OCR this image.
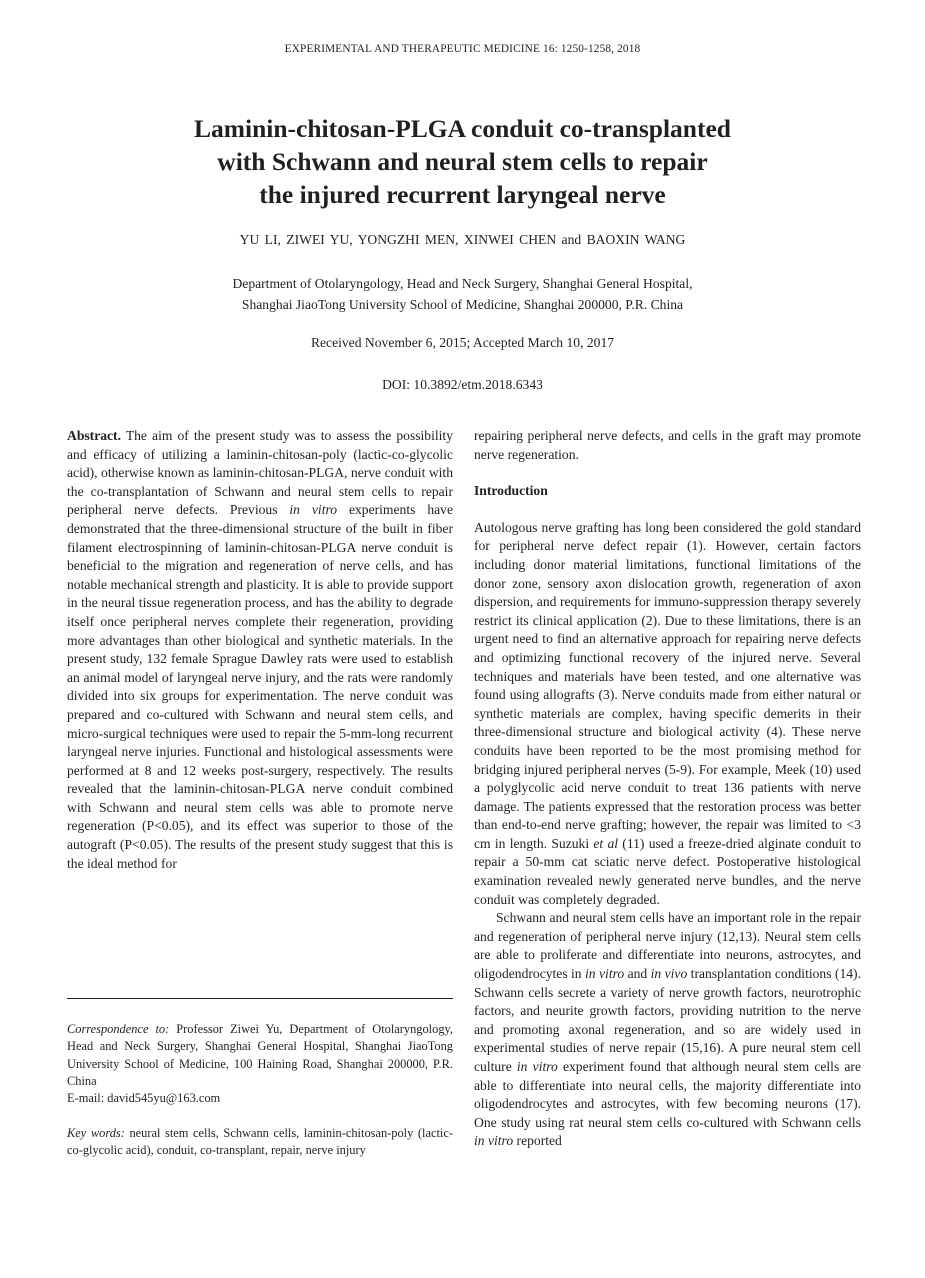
EXPERIMENTAL AND THERAPEUTIC MEDICINE 16: 1250-1258, 2018
Laminin-chitosan-PLGA conduit co-transplanted
with Schwann and neural stem cells to repair
the injured recurrent laryngeal nerve
YU LI, ZIWEI YU, YONGZHI MEN, XINWEI CHEN and BAOXIN WANG
Department of Otolaryngology, Head and Neck Surgery, Shanghai General Hospital,
Shanghai JiaoTong University School of Medicine, Shanghai 200000, P.R. China
Received November 6, 2015; Accepted March 10, 2017
DOI: 10.3892/etm.2018.6343

Abstract. The aim of the present study was to assess the possibility and efficacy of utilizing a laminin-chitosan-poly (lactic-co-glycolic acid), otherwise known as laminin-chitosan-PLGA, nerve conduit with the co-transplantation of Schwann and neural stem cells to repair peripheral nerve defects. Previous in vitro experiments have demonstrated that the three-dimensional structure of the built in fiber filament electrospinning of laminin-chitosan-PLGA nerve conduit is beneficial to the migration and regeneration of nerve cells, and has notable mechanical strength and plasticity. It is able to provide support in the neural tissue regeneration process, and has the ability to degrade itself once peripheral nerves complete their regeneration, providing more advantages than other biological and synthetic materials. In the present study, 132 female Sprague Dawley rats were used to establish an animal model of laryngeal nerve injury, and the rats were randomly divided into six groups for experimentation. The nerve conduit was prepared and co-cultured with Schwann and neural stem cells, and micro-surgical techniques were used to repair the 5-mm-long recurrent laryngeal nerve injuries. Functional and histological assessments were performed at 8 and 12 weeks post-surgery, respectively. The results revealed that the laminin-chitosan-PLGA nerve conduit combined with Schwann and neural stem cells was able to promote nerve regeneration (P<0.05), and its effect was superior to those of the autograft (P<0.05). The results of the present study suggest that this is the ideal method for

Correspondence to: Professor Ziwei Yu, Department of Otolaryngology, Head and Neck Surgery, Shanghai General Hospital, Shanghai JiaoTong University School of Medicine, 100 Haining Road, Shanghai 200000, P.R. China

E-mail: david545yu@163.com

Key words: neural stem cells, Schwann cells, laminin-chitosan-poly (lactic-co-glycolic acid), conduit, co-transplant, repair, nerve injury

repairing peripheral nerve defects, and cells in the graft may promote nerve regeneration.

Introduction

Autologous nerve grafting has long been considered the gold standard for peripheral nerve defect repair (1). However, certain factors including donor material limitations, functional limitations of the donor zone, sensory axon dislocation growth, regeneration of axon dispersion, and requirements for immuno-suppression therapy severely restrict its clinical application (2). Due to these limitations, there is an urgent need to find an alternative approach for repairing nerve defects and optimizing functional recovery of the injured nerve. Several techniques and materials have been tested, and one alternative was found using allografts (3). Nerve conduits made from either natural or synthetic materials are complex, having specific demerits in their three-dimensional structure and biological activity (4). These nerve conduits have been reported to be the most promising method for bridging injured peripheral nerves (5-9). For example, Meek (10) used a polyglycolic acid nerve conduit to treat 136 patients with nerve damage. The patients expressed that the restoration process was better than end-to-end nerve grafting; however, the repair was limited to <3 cm in length. Suzuki et al (11) used a freeze-dried alginate conduit to repair a 50-mm cat sciatic nerve defect. Postoperative histological examination revealed newly generated nerve bundles, and the nerve conduit was completely degraded.

Schwann and neural stem cells have an important role in the repair and regeneration of peripheral nerve injury (12,13). Neural stem cells are able to proliferate and differentiate into neurons, astrocytes, and oligodendrocytes in in vitro and in vivo transplantation conditions (14). Schwann cells secrete a variety of nerve growth factors, neurotrophic factors, and neurite growth factors, providing nutrition to the nerve and promoting axonal regeneration, and so are widely used in experimental studies of nerve repair (15,16). A pure neural stem cell culture in vitro experiment found that although neural stem cells are able to differentiate into neural cells, the majority differentiate into oligodendrocytes and astrocytes, with few becoming neurons (17). One study using rat neural stem cells co-cultured with Schwann cells in vitro reported
